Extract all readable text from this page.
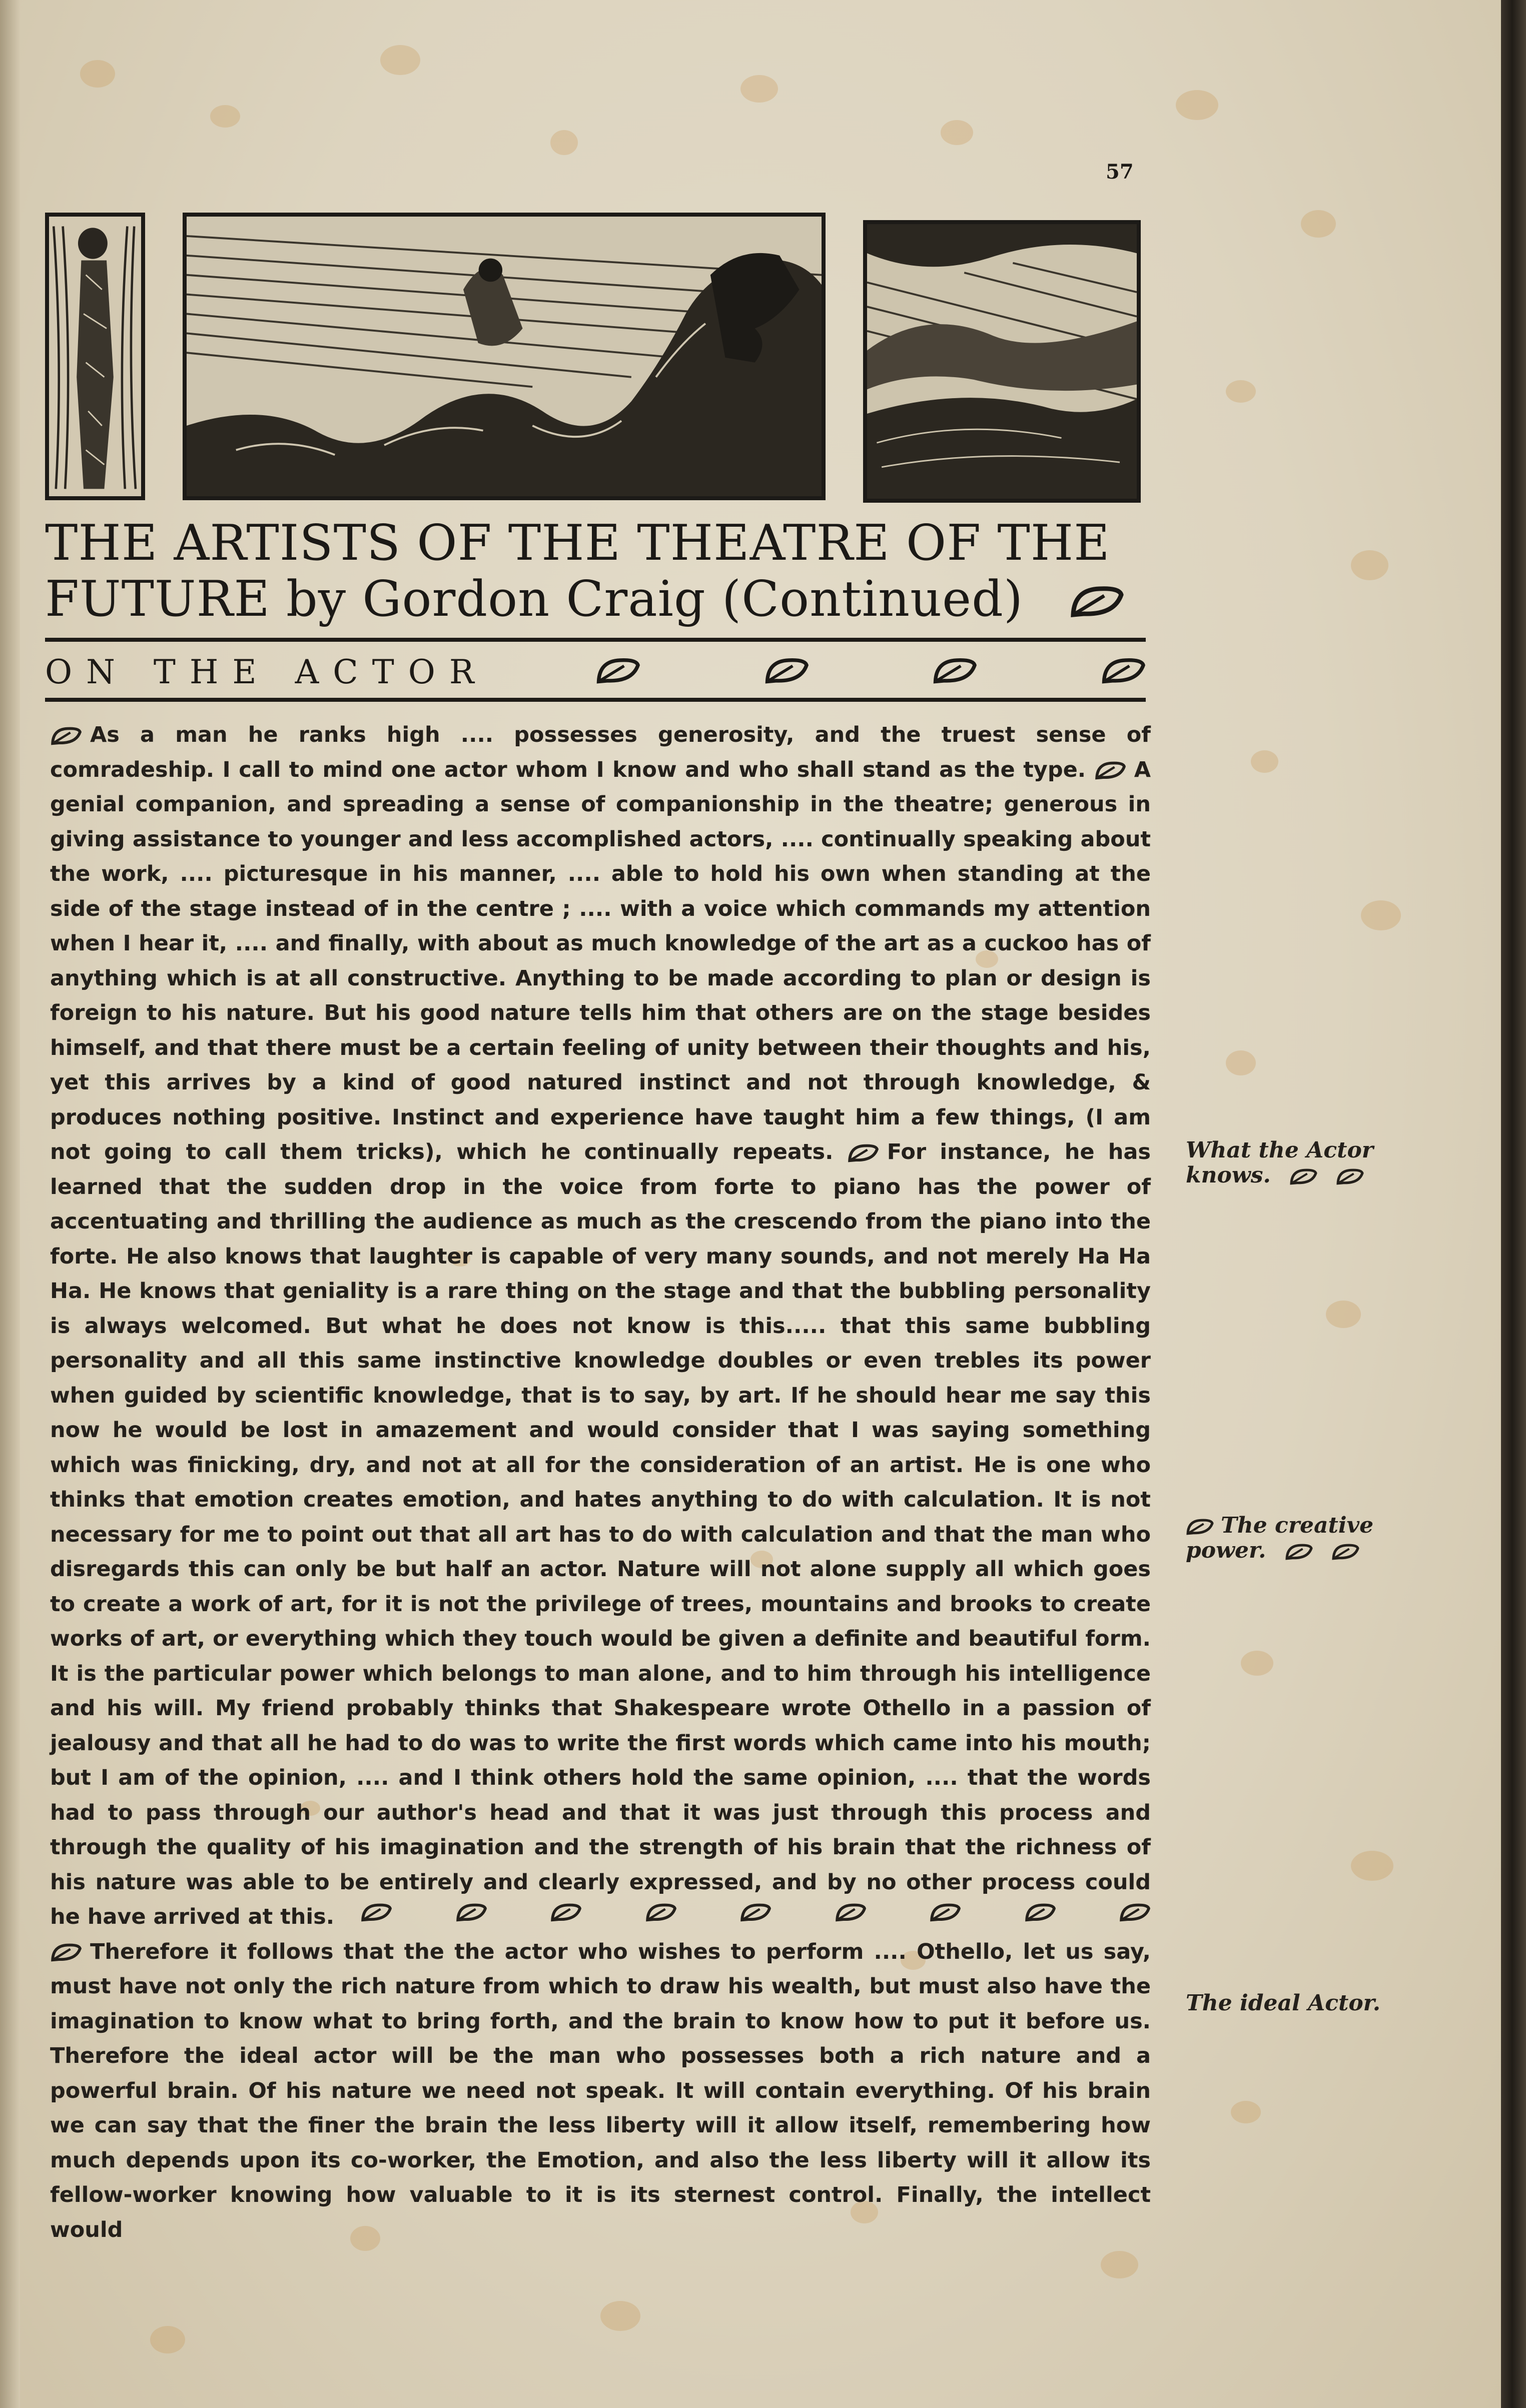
57
THE ARTISTS OF THE THEATRE OF THE
FUTURE by Gordon Craig (Continued)
ON THE ACTOR

As a man he ranks high .... possesses generosity, and the truest sense of comradeship. I call to mind one actor whom I know and who shall stand as the type. A genial companion, and spreading a sense of companionship in the theatre; generous in giving assistance to younger and less accomplished actors, .... continually speaking about the work, .... picturesque in his manner, .... able to hold his own when standing at the side of the stage instead of in the centre ; .... with a voice which commands my attention when I hear it, .... and finally, with about as much knowledge of the art as a cuckoo has of anything which is at all constructive. Anything to be made according to plan or design is foreign to his nature. But his good nature tells him that others are on the stage besides himself, and that there must be a certain feeling of unity between their thoughts and his, yet this arrives by a kind of good natured instinct and not through knowledge, & produces nothing positive. Instinct and experience have taught him a few things, (I am not going to call them tricks), which he continually repeats. For instance, he has learned that the sudden drop in the voice from forte to piano has the power of accentuating and thrilling the audience as much as the crescendo from the piano into the forte. He also knows that laughter is capable of very many sounds, and not merely Ha Ha Ha. He knows that geniality is a rare thing on the stage and that the bubbling personality is always welcomed. But what he does not know is this..... that this same bubbling personality and all this same instinctive knowledge doubles or even trebles its power when guided by scientific knowledge, that is to say, by art. If he should hear me say this now he would be lost in amazement and would consider that I was saying something which was finicking, dry, and not at all for the consideration of an artist. He is one who thinks that emotion creates emotion, and hates anything to do with calculation. It is not necessary for me to point out that all art has to do with calculation and that the man who disregards this can only be but half an actor. Nature will not alone supply all which goes to create a work of art, for it is not the privilege of trees, mountains and brooks to create works of art, or everything which they touch would be given a definite and beautiful form. It is the particular power which belongs to man alone, and to him through his intelligence and his will. My friend probably thinks that Shakespeare wrote Othello in a passion of jealousy and that all he had to do was to write the first words which came into his mouth; but I am of the opinion, .... and I think others hold the same opinion, .... that the words had to pass through our author's head and that it was just through this process and through the quality of his imagination and the strength of his brain that the richness of his nature was able to be entirely and clearly expressed, and by no other process could he have arrived at this.

Therefore it follows that the the actor who wishes to perform .... Othello, let us say, must have not only the rich nature from which to draw his wealth, but must also have the imagination to know what to bring forth, and the brain to know how to put it before us. Therefore the ideal actor will be the man who possesses both a rich nature and a powerful brain. Of his nature we need not speak. It will contain everything. Of his brain we can say that the finer the brain the less liberty will it allow itself, remembering how much depends upon its co-worker, the Emotion, and also the less liberty will it allow its fellow-worker knowing how valuable to it is its sternest control. Finally, the intellect would

What the Actor knows.
The creative power.
The ideal Actor.
